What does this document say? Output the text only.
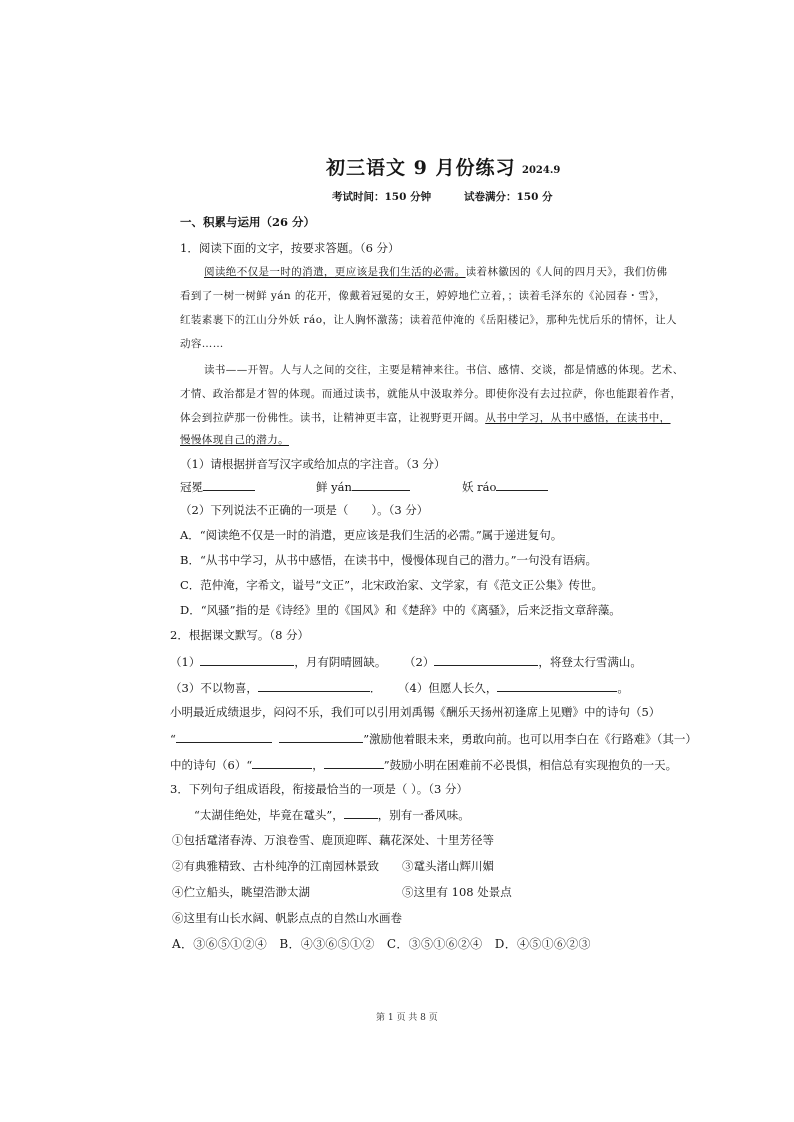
初三语文 9 月份练习 2024.9
考试时间：150 分钟	试卷满分：150 分
一、积累与运用（26 分）
1．阅读下面的文字，按要求答题。（6 分）
阅读绝不仅是一时的消遣，更应该是我们生活的必需。读着林徽因的《人间的四月天》，我们仿佛
看到了一树一树鲜 yán 的花开，像戴着冠冕的女王，婷婷地伫立着，；读着毛泽东的《沁园春・雪》，
红装素裹下的江山分外妖 ráo，让人胸怀激荡；读着范仲淹的《岳阳楼记》，那种先忧后乐的情怀，让人
动容……
读书——开智。人与人之间的交往，主要是精神来往。书信、感情、交谈，都是情感的体现。艺术、
才情、政治都是才智的体现。而通过读书，就能从中汲取养分。即使你没有去过拉萨，你也能跟着作者，
体会到拉萨那一份佛性。读书，让精神更丰富，让视野更开阔。从书中学习，从书中感悟，在读书中，
慢慢体现自己的潜力。
（1）请根据拼音写汉字或给加点的字注音。（3 分）
冠冕	鲜 yán	妖 ráo
（2）下列说法不正确的一项是（　　）。（3 分）
A．“阅读绝不仅是一时的消遣，更应该是我们生活的必需。”属于递进复句。
B．“从书中学习，从书中感悟，在读书中，慢慢体现自己的潜力。”一句没有语病。
C．范仲淹，字希文，谥号“文正”，北宋政治家、文学家，有《范文正公集》传世。
D．“风骚”指的是《诗经》里的《国风》和《楚辞》中的《离骚》，后来泛指文章辞藻。
2．根据课文默写。（8 分）
（1）	，月有阴晴圆缺。 （2）	，将登太行雪满山。
（3）不以物喜，	． （4）但愿人长久，	。
小明最近成绩退步，闷闷不乐，我们可以引用刘禹锡《酬乐天扬州初逢席上见赠》中的诗句（5）
“	”激励他着眼未来，勇敢向前。也可以用李白在《行路难》（其一）
中的诗句（6）“	，	”鼓励小明在困难前不必畏惧，相信总有实现抱负的一天。
3．下列句子组成语段，衔接最恰当的一项是（ ）。（3 分）
“太湖佳绝处，毕竟在鼋头”，	，别有一番风味。
①包括鼋渚春涛、万浪卷雪、鹿顶迎晖、藕花深处、十里芳径等
②有典雅精致、古朴纯净的江南园林景致 ③鼋头渚山辉川媚
④伫立船头，眺望浩渺太湖	⑤这里有 108 处景点
⑥这里有山长水阔、帆影点点的自然山水画卷
A．③⑥⑤①②④　B．④③⑥⑤①②　C．③⑤①⑥②④　D．④⑤①⑥②③
第 1 页 共 8 页
